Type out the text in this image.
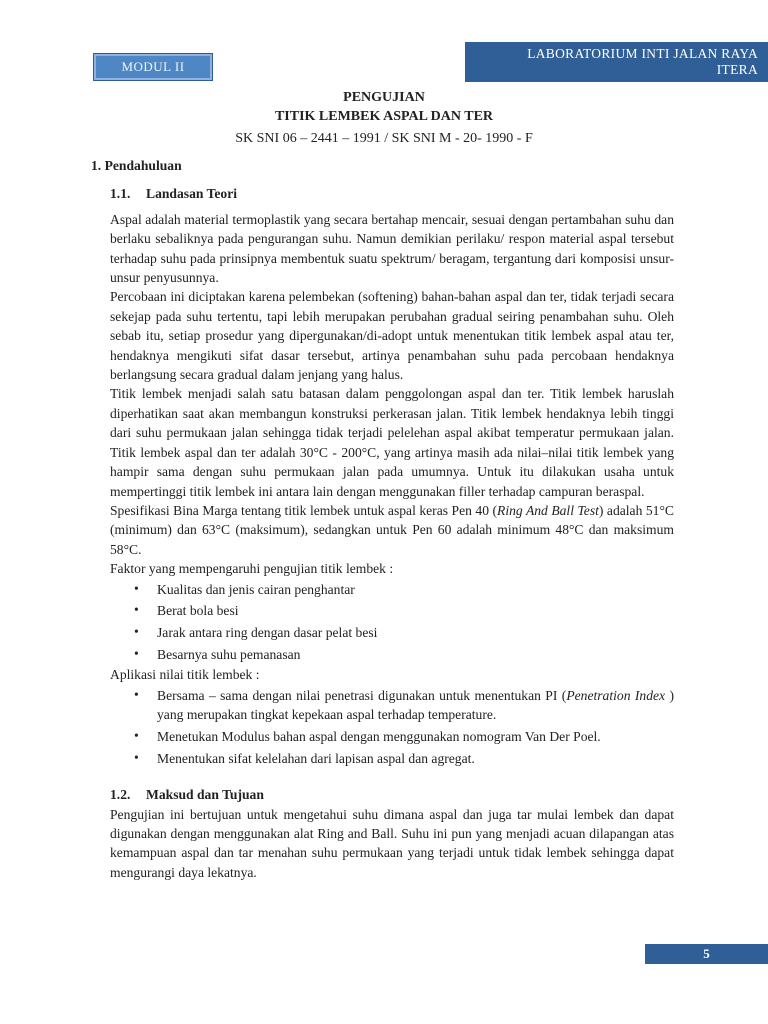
MODUL II
LABORATORIUM INTI JALAN RAYA
ITERA
PENGUJIAN
TITIK LEMBEK ASPAL DAN TER
SK SNI 06 – 2441 – 1991 / SK SNI M - 20- 1990 - F
1. Pendahuluan
1.1. Landasan Teori

Aspal adalah material termoplastik yang secara bertahap mencair, sesuai dengan pertambahan suhu dan berlaku sebaliknya pada pengurangan suhu. Namun demikian perilaku/ respon material aspal tersebut terhadap suhu pada prinsipnya membentuk suatu spektrum/ beragam, tergantung dari komposisi unsur-unsur penyusunnya.

Percobaan ini diciptakan karena pelembekan (softening) bahan-bahan aspal dan ter, tidak terjadi secara sekejap pada suhu tertentu, tapi lebih merupakan perubahan gradual seiring penambahan suhu. Oleh sebab itu, setiap prosedur yang dipergunakan/di-adopt untuk menentukan titik lembek aspal atau ter, hendaknya mengikuti sifat dasar tersebut, artinya penambahan suhu pada percobaan hendaknya berlangsung secara gradual dalam jenjang yang halus.

Titik lembek menjadi salah satu batasan dalam penggolongan aspal dan ter. Titik lembek haruslah diperhatikan saat akan membangun konstruksi perkerasan jalan. Titik lembek hendaknya lebih tinggi dari suhu permukaan jalan sehingga tidak terjadi pelelehan aspal akibat temperatur permukaan jalan. Titik lembek aspal dan ter adalah 30°C - 200°C, yang artinya masih ada nilai–nilai titik lembek yang hampir sama dengan suhu permukaan jalan pada umumnya. Untuk itu dilakukan usaha untuk mempertinggi titik lembek ini antara lain dengan menggunakan filler terhadap campuran beraspal.

Spesifikasi Bina Marga tentang titik lembek untuk aspal keras Pen 40 (Ring And Ball Test) adalah 51°C (minimum) dan 63°C (maksimum), sedangkan untuk Pen 60 adalah minimum 48°C dan maksimum 58°C.

Faktor yang mempengaruhi pengujian titik lembek :

• Kualitas dan jenis cairan penghantar
• Berat bola besi
• Jarak antara ring dengan dasar pelat besi
• Besarnya suhu pemanasan

Aplikasi nilai titik lembek :

• Bersama – sama dengan nilai penetrasi digunakan untuk menentukan PI (Penetration Index ) yang merupakan tingkat kepekaan aspal terhadap temperature.
• Menetukan Modulus bahan aspal dengan menggunakan nomogram Van Der Poel.
• Menentukan sifat kelelahan dari lapisan aspal dan agregat.
1.2. Maksud dan Tujuan

Pengujian ini bertujuan untuk mengetahui suhu dimana aspal dan juga tar mulai lembek dan dapat digunakan dengan menggunakan alat Ring and Ball. Suhu ini pun yang menjadi acuan dilapangan atas kemampuan aspal dan tar menahan suhu permukaan yang terjadi untuk tidak lembek sehingga dapat mengurangi daya lekatnya.

5
